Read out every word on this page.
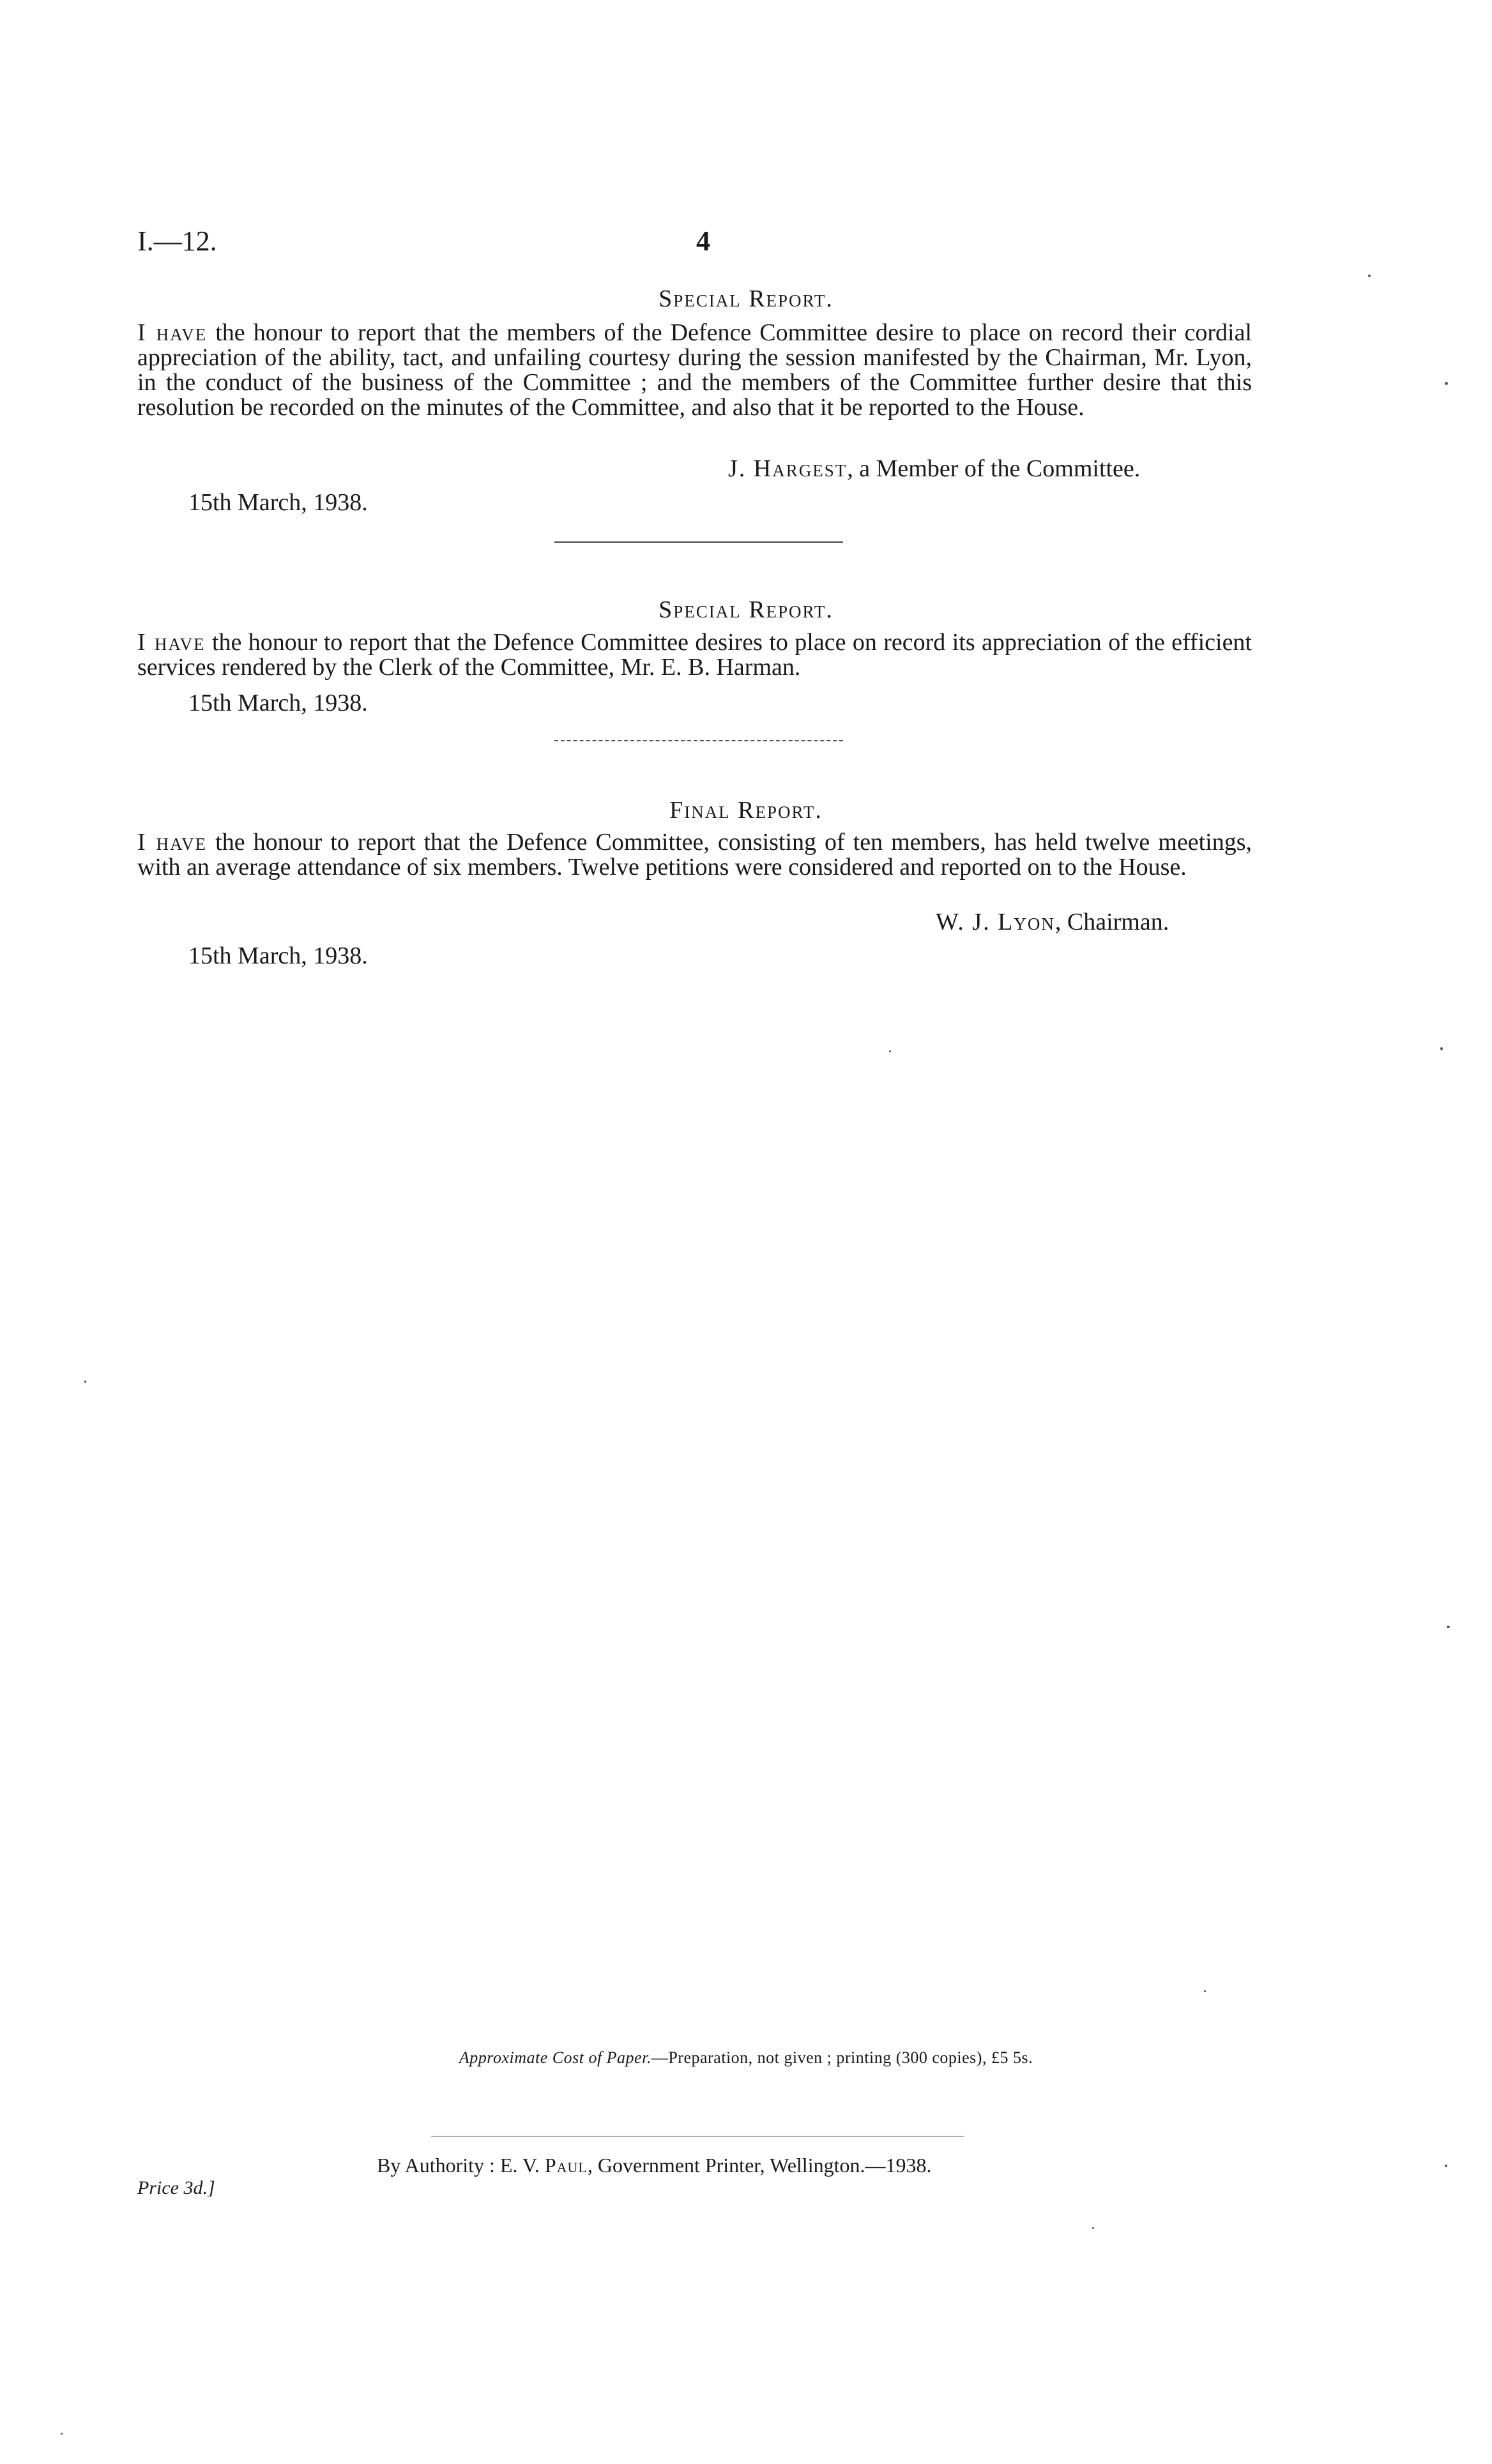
I.—12.	4
Special Report.
I have the honour to report that the members of the Defence Committee desire to place on record their cordial appreciation of the ability, tact, and unfailing courtesy during the session manifested by the Chairman, Mr. Lyon, in the conduct of the business of the Committee ; and the members of the Committee further desire that this resolution be recorded on the minutes of the Committee, and also that it be reported to the House.
J. Hargest, a Member of the Committee.
15th March, 1938.
Special Report.
I have the honour to report that the Defence Committee desires to place on record its appreciation of the efficient services rendered by the Clerk of the Committee, Mr. E. B. Harman.
15th March, 1938.
Final Report.
I have the honour to report that the Defence Committee, consisting of ten members, has held twelve meetings, with an average attendance of six members. Twelve petitions were considered and reported on to the House.
W. J. Lyon, Chairman.
15th March, 1938.
Approximate Cost of Paper.—Preparation, not given ; printing (300 copies), £5 5s.
By Authority : E. V. Paul, Government Printer, Wellington.—1938.
Price 3d.]
